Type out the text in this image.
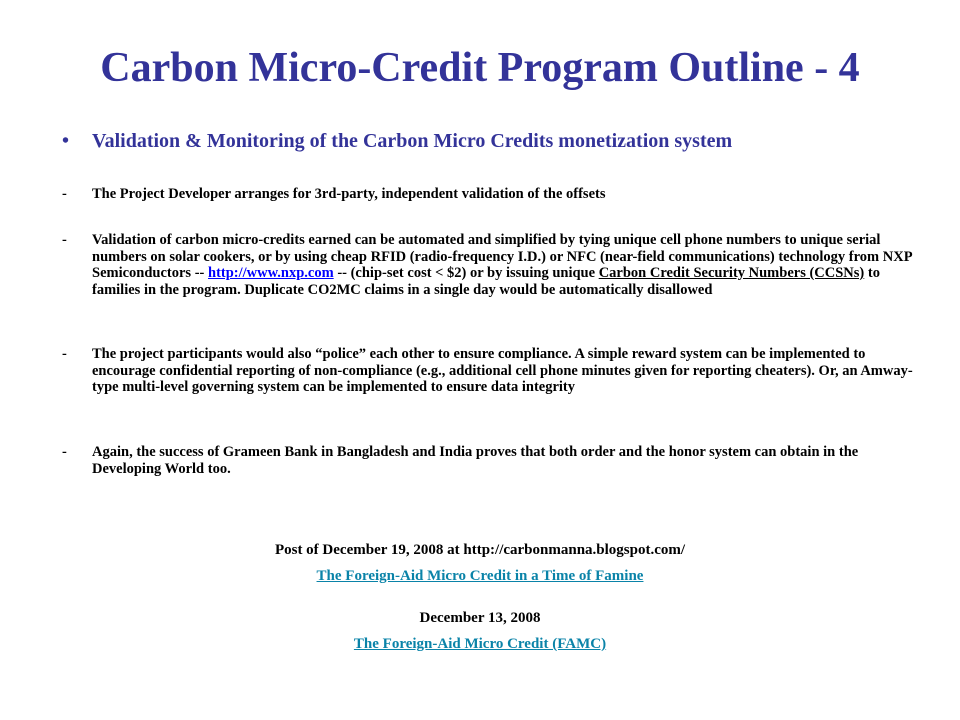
Carbon Micro-Credit Program Outline - 4
• Validation & Monitoring of the Carbon Micro Credits monetization system
- The Project Developer arranges for 3rd-party, independent validation of the offsets
- Validation of carbon micro-credits earned can be automated and simplified by tying unique cell phone numbers to unique serial numbers on solar cookers, or by using cheap RFID (radio-frequency I.D.) or NFC (near-field communications) technology from NXP Semiconductors -- http://www.nxp.com -- (chip-set cost < $2) or by issuing unique Carbon Credit Security Numbers (CCSNs) to families in the program. Duplicate CO2MC claims in a single day would be automatically disallowed
- The project participants would also “police” each other to ensure compliance. A simple reward system can be implemented to encourage confidential reporting of non-compliance (e.g., additional cell phone minutes given for reporting cheaters). Or, an Amway-type multi-level governing system can be implemented to ensure data integrity
- Again, the success of Grameen Bank in Bangladesh and India proves that both order and the honor system can obtain in the Developing World too.
Post of December 19, 2008 at http://carbonmanna.blogspot.com/
The Foreign-Aid Micro Credit in a Time of Famine
December 13, 2008
The Foreign-Aid Micro Credit (FAMC)
